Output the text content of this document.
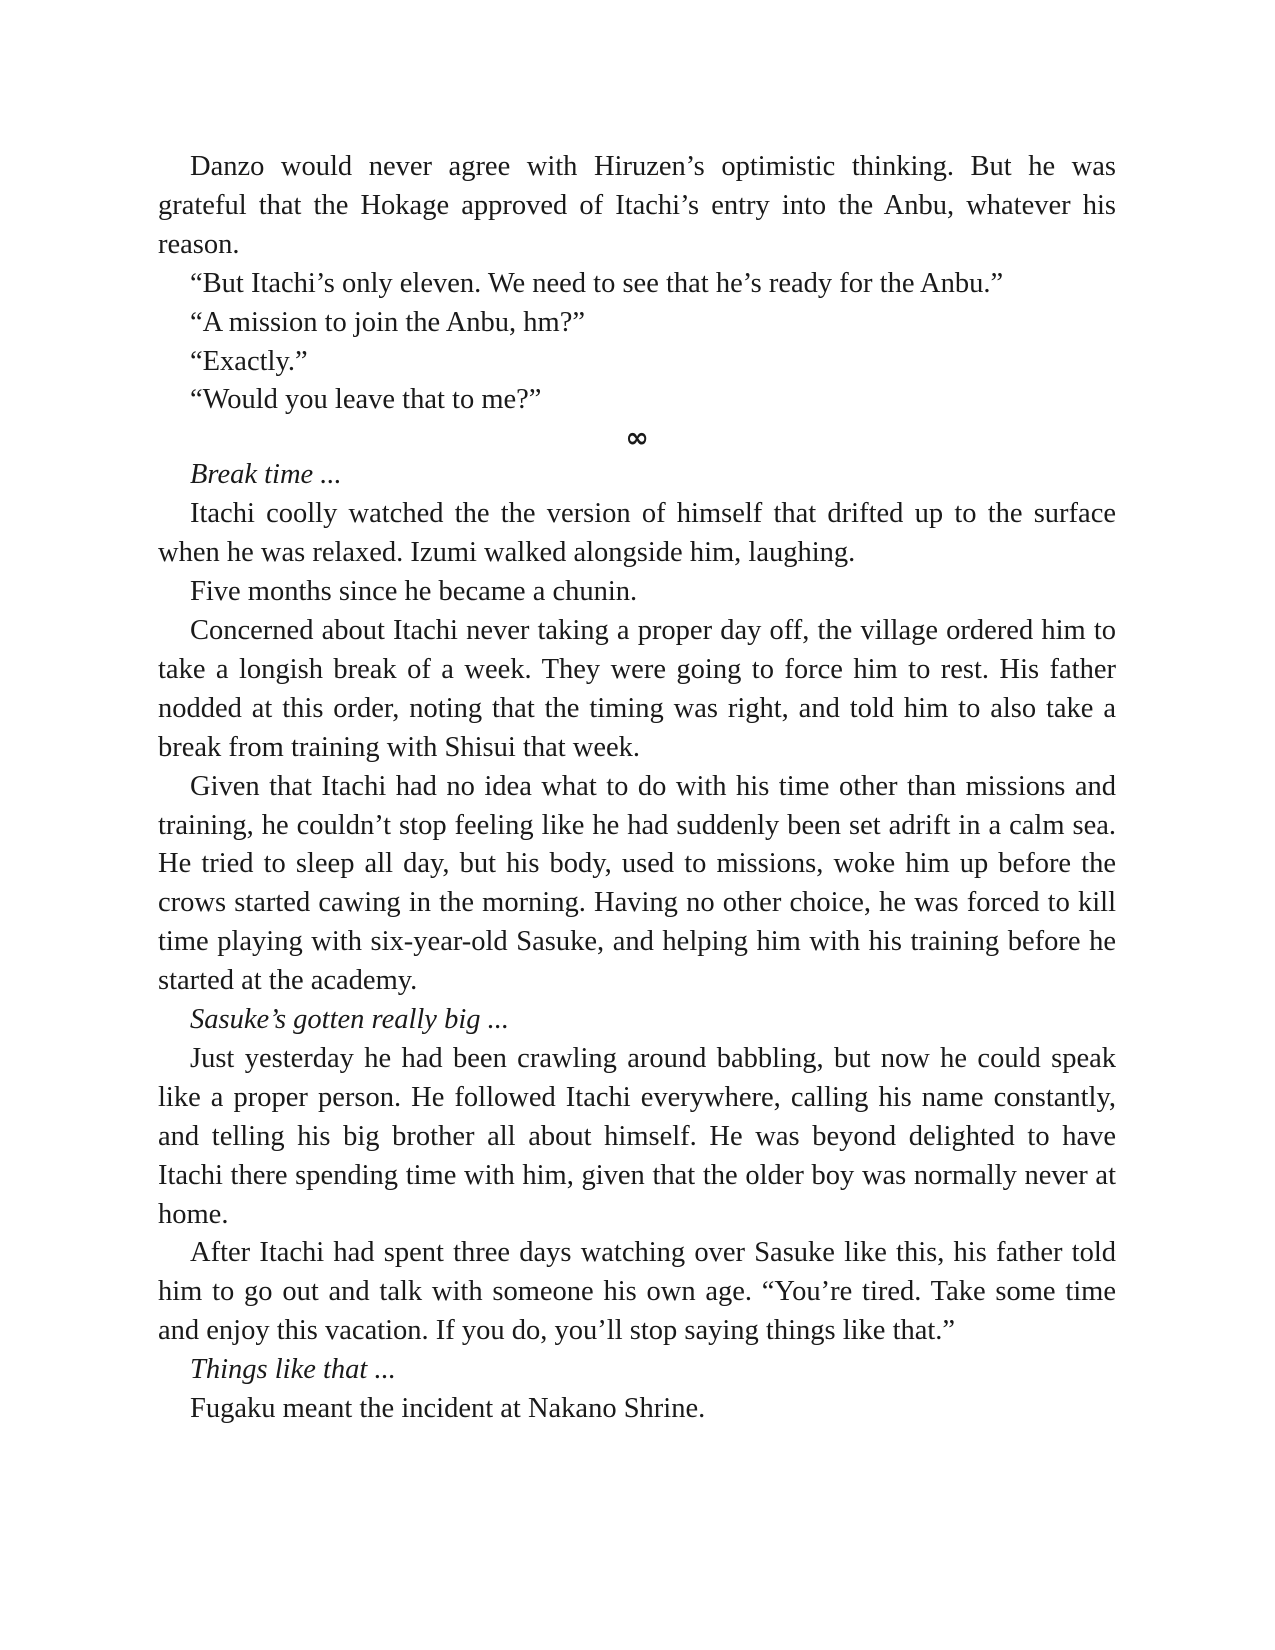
Danzo would never agree with Hiruzen’s optimistic thinking. But he was grateful that the Hokage approved of Itachi’s entry into the Anbu, whatever his reason.

“But Itachi’s only eleven. We need to see that he’s ready for the Anbu.”

“A mission to join the Anbu, hm?”

“Exactly.”

“Would you leave that to me?”

∞

Break time ...

Itachi coolly watched the the version of himself that drifted up to the surface when he was relaxed. Izumi walked alongside him, laughing.

Five months since he became a chunin.

Concerned about Itachi never taking a proper day off, the village ordered him to take a longish break of a week. They were going to force him to rest. His father nodded at this order, noting that the timing was right, and told him to also take a break from training with Shisui that week.

Given that Itachi had no idea what to do with his time other than missions and training, he couldn’t stop feeling like he had suddenly been set adrift in a calm sea. He tried to sleep all day, but his body, used to missions, woke him up before the crows started cawing in the morning. Having no other choice, he was forced to kill time playing with six-year-old Sasuke, and helping him with his training before he started at the academy.

Sasuke’s gotten really big ...

Just yesterday he had been crawling around babbling, but now he could speak like a proper person. He followed Itachi everywhere, calling his name constantly, and telling his big brother all about himself. He was beyond delighted to have Itachi there spending time with him, given that the older boy was normally never at home.

After Itachi had spent three days watching over Sasuke like this, his father told him to go out and talk with someone his own age. “You’re tired. Take some time and enjoy this vacation. If you do, you’ll stop saying things like that.”

Things like that ...

Fugaku meant the incident at Nakano Shrine.
